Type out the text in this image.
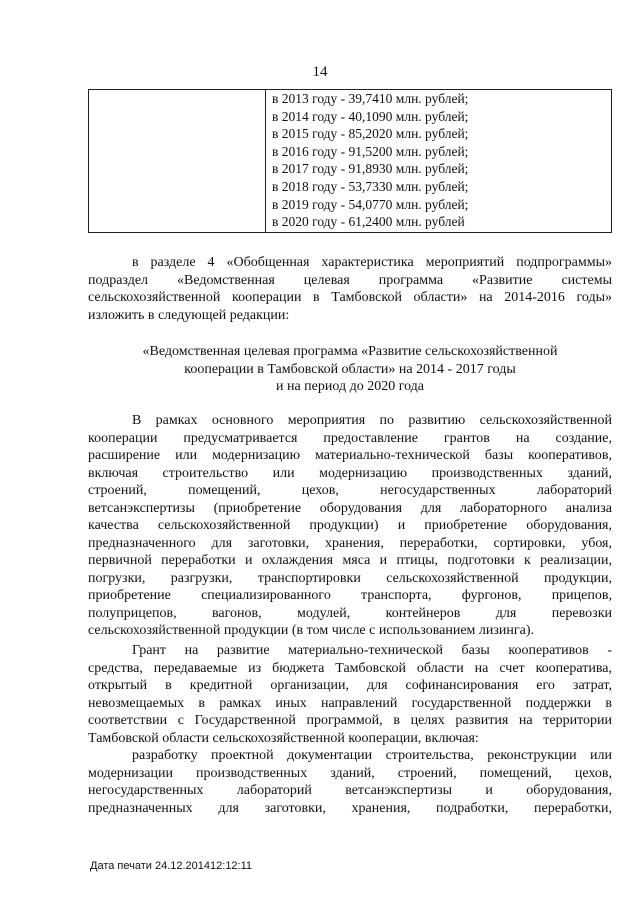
14
в 2013 году - 39,7410 млн. рублей;
в 2014 году - 40,1090 млн. рублей;
в 2015 году - 85,2020 млн. рублей;
в 2016 году - 91,5200 млн. рублей;
в 2017 году - 91,8930 млн. рублей;
в 2018 году - 53,7330 млн. рублей;
в 2019 году - 54,0770 млн. рублей;
в 2020 году - 61,2400 млн. рублей
в разделе 4 «Обобщенная характеристика мероприятий подпрограммы»
подраздел «Ведомственная целевая программа «Развитие системы
сельскохозяйственной кооперации в Тамбовской области» на 2014-2016 годы»
изложить в следующей редакции:
«Ведомственная целевая программа «Развитие сельскохозяйственной
кооперации в Тамбовской области» на 2014 - 2017 годы
и на период до 2020 года
В рамках основного мероприятия по развитию сельскохозяйственной
кооперации предусматривается предоставление грантов на создание,
расширение или модернизацию материально-технической базы кооперативов,
включая строительство или модернизацию производственных зданий,
строений, помещений, цехов, негосударственных лабораторий
ветсанэкспертизы (приобретение оборудования для лабораторного анализа
качества сельскохозяйственной продукции) и приобретение оборудования,
предназначенного для заготовки, хранения, переработки, сортировки, убоя,
первичной переработки и охлаждения мяса и птицы, подготовки к реализации,
погрузки, разгрузки, транспортировки сельскохозяйственной продукции,
приобретение специализированного транспорта, фургонов, прицепов,
полуприцепов, вагонов, модулей, контейнеров для перевозки
сельскохозяйственной продукции (в том числе с использованием лизинга).
Грант на развитие материально-технической базы кооперативов -
средства, передаваемые из бюджета Тамбовской области на счет кооператива,
открытый в кредитной организации, для софинансирования его затрат,
невозмещаемых в рамках иных направлений государственной поддержки в
соответствии с Государственной программой, в целях развития на территории
Тамбовской области сельскохозяйственной кооперации, включая:
разработку проектной документации строительства, реконструкции или
модернизации производственных зданий, строений, помещений, цехов,
негосударственных лабораторий ветсанэкспертизы и оборудования,
предназначенных для заготовки, хранения, подработки, переработки,
Дата печати 24.12.201412:12:11
